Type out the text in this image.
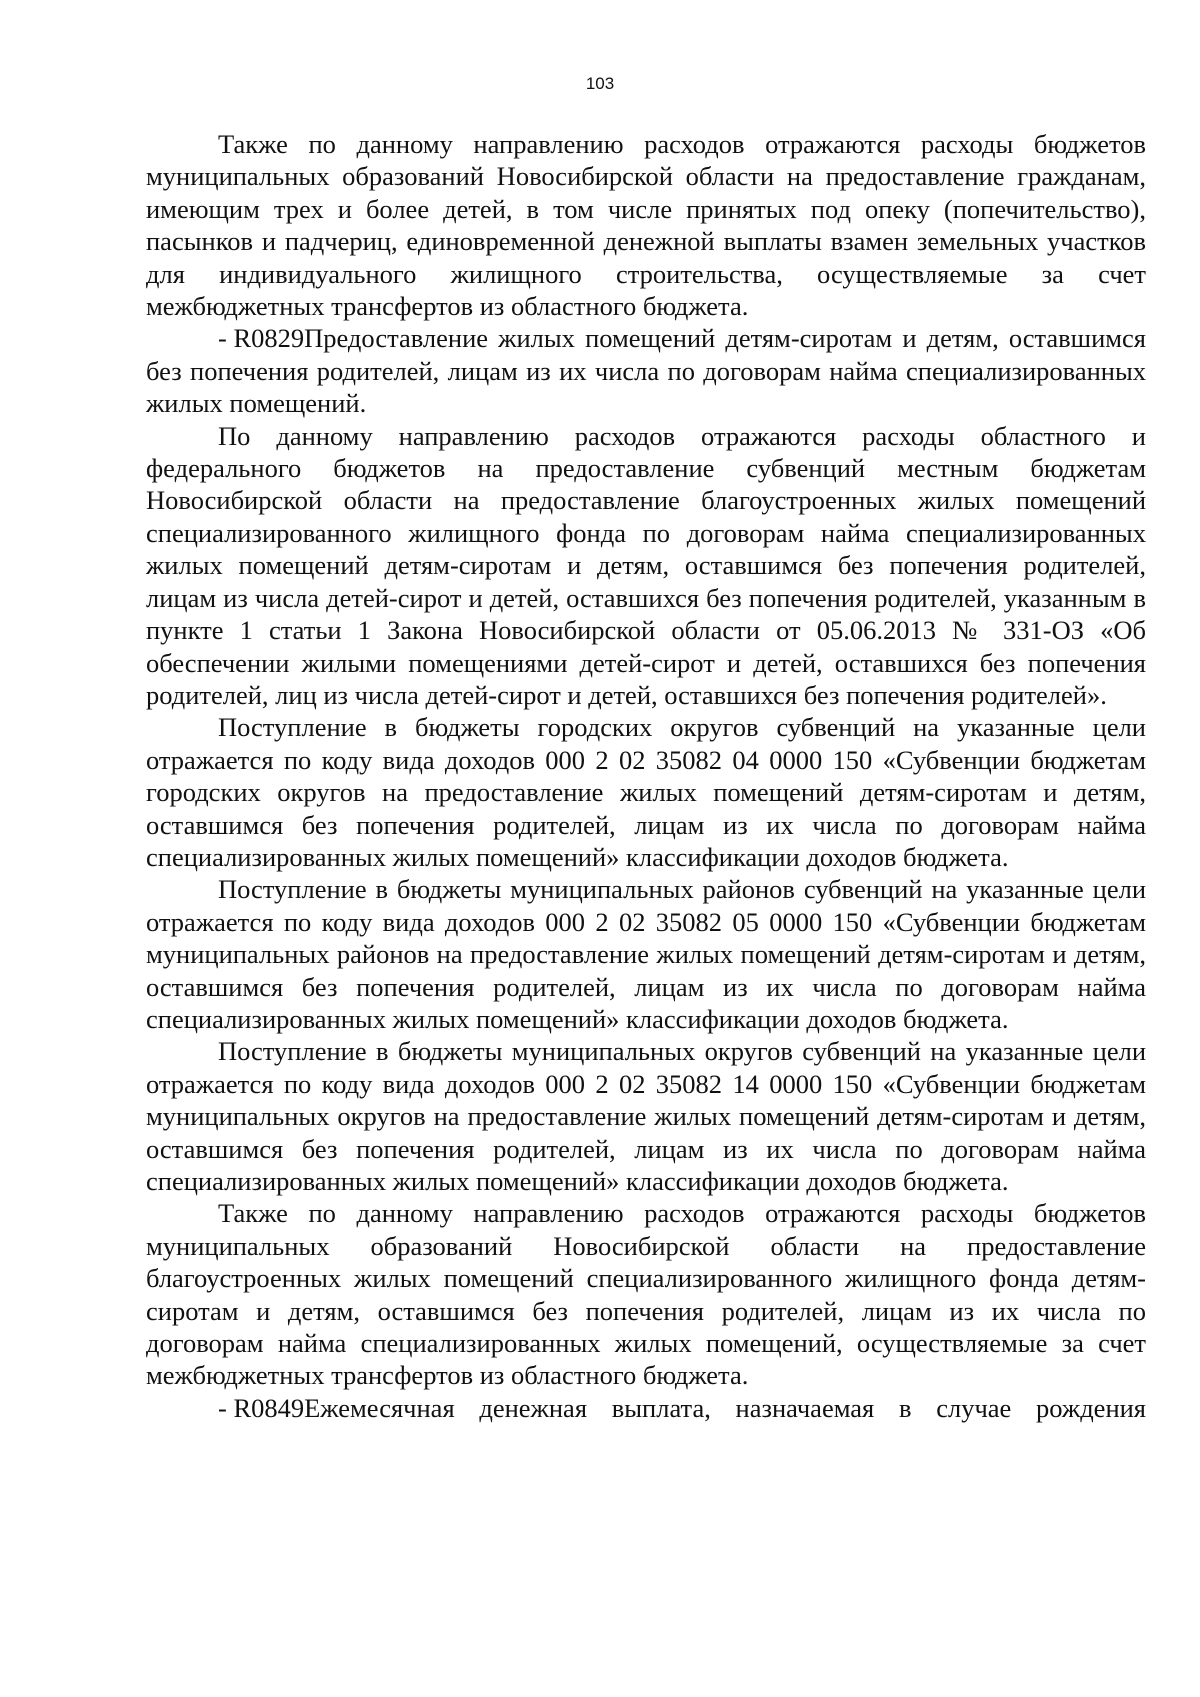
103

Также по данному направлению расходов отражаются расходы бюджетов муниципальных образований Новосибирской области на предоставление гражданам, имеющим трех и более детей, в том числе принятых под опеку (попечительство), пасынков и падчериц, единовременной денежной выплаты взамен земельных участков для индивидуального жилищного строительства, осуществляемые за счет межбюджетных трансфертов из областного бюджета.

- R0829Предоставление жилых помещений детям-сиротам и детям, оставшимся без попечения родителей, лицам из их числа по договорам найма специализированных жилых помещений.

По данному направлению расходов отражаются расходы областного и федерального бюджетов на предоставление субвенций местным бюджетам Новосибирской области на предоставление благоустроенных жилых помещений специализированного жилищного фонда по договорам найма специализированных жилых помещений детям-сиротам и детям, оставшимся без попечения родителей, лицам из числа детей-сирот и детей, оставшихся без попечения родителей, указанным в пункте 1 статьи 1 Закона Новосибирской области от 05.06.2013 № 331-ОЗ «Об обеспечении жилыми помещениями детей-сирот и детей, оставшихся без попечения родителей, лиц из числа детей-сирот и детей, оставшихся без попечения родителей».

Поступление в бюджеты городских округов субвенций на указанные цели отражается по коду вида доходов 000 2 02 35082 04 0000 150 «Субвенции бюджетам городских округов на предоставление жилых помещений детям-сиротам и детям, оставшимся без попечения родителей, лицам из их числа по договорам найма специализированных жилых помещений» классификации доходов бюджета.

Поступление в бюджеты муниципальных районов субвенций на указанные цели отражается по коду вида доходов 000 2 02 35082 05 0000 150 «Субвенции бюджетам муниципальных районов на предоставление жилых помещений детям-сиротам и детям, оставшимся без попечения родителей, лицам из их числа по договорам найма специализированных жилых помещений» классификации доходов бюджета.

Поступление в бюджеты муниципальных округов субвенций на указанные цели отражается по коду вида доходов 000 2 02 35082 14 0000 150 «Субвенции бюджетам муниципальных округов на предоставление жилых помещений детям-сиротам и детям, оставшимся без попечения родителей, лицам из их числа по договорам найма специализированных жилых помещений» классификации доходов бюджета.

Также по данному направлению расходов отражаются расходы бюджетов муниципальных образований Новосибирской области на предоставление благоустроенных жилых помещений специализированного жилищного фонда детям-сиротам и детям, оставшимся без попечения родителей, лицам из их числа по договорам найма специализированных жилых помещений, осуществляемые за счет межбюджетных трансфертов из областного бюджета.

- R0849Ежемесячная денежная выплата, назначаемая в случае рождения
